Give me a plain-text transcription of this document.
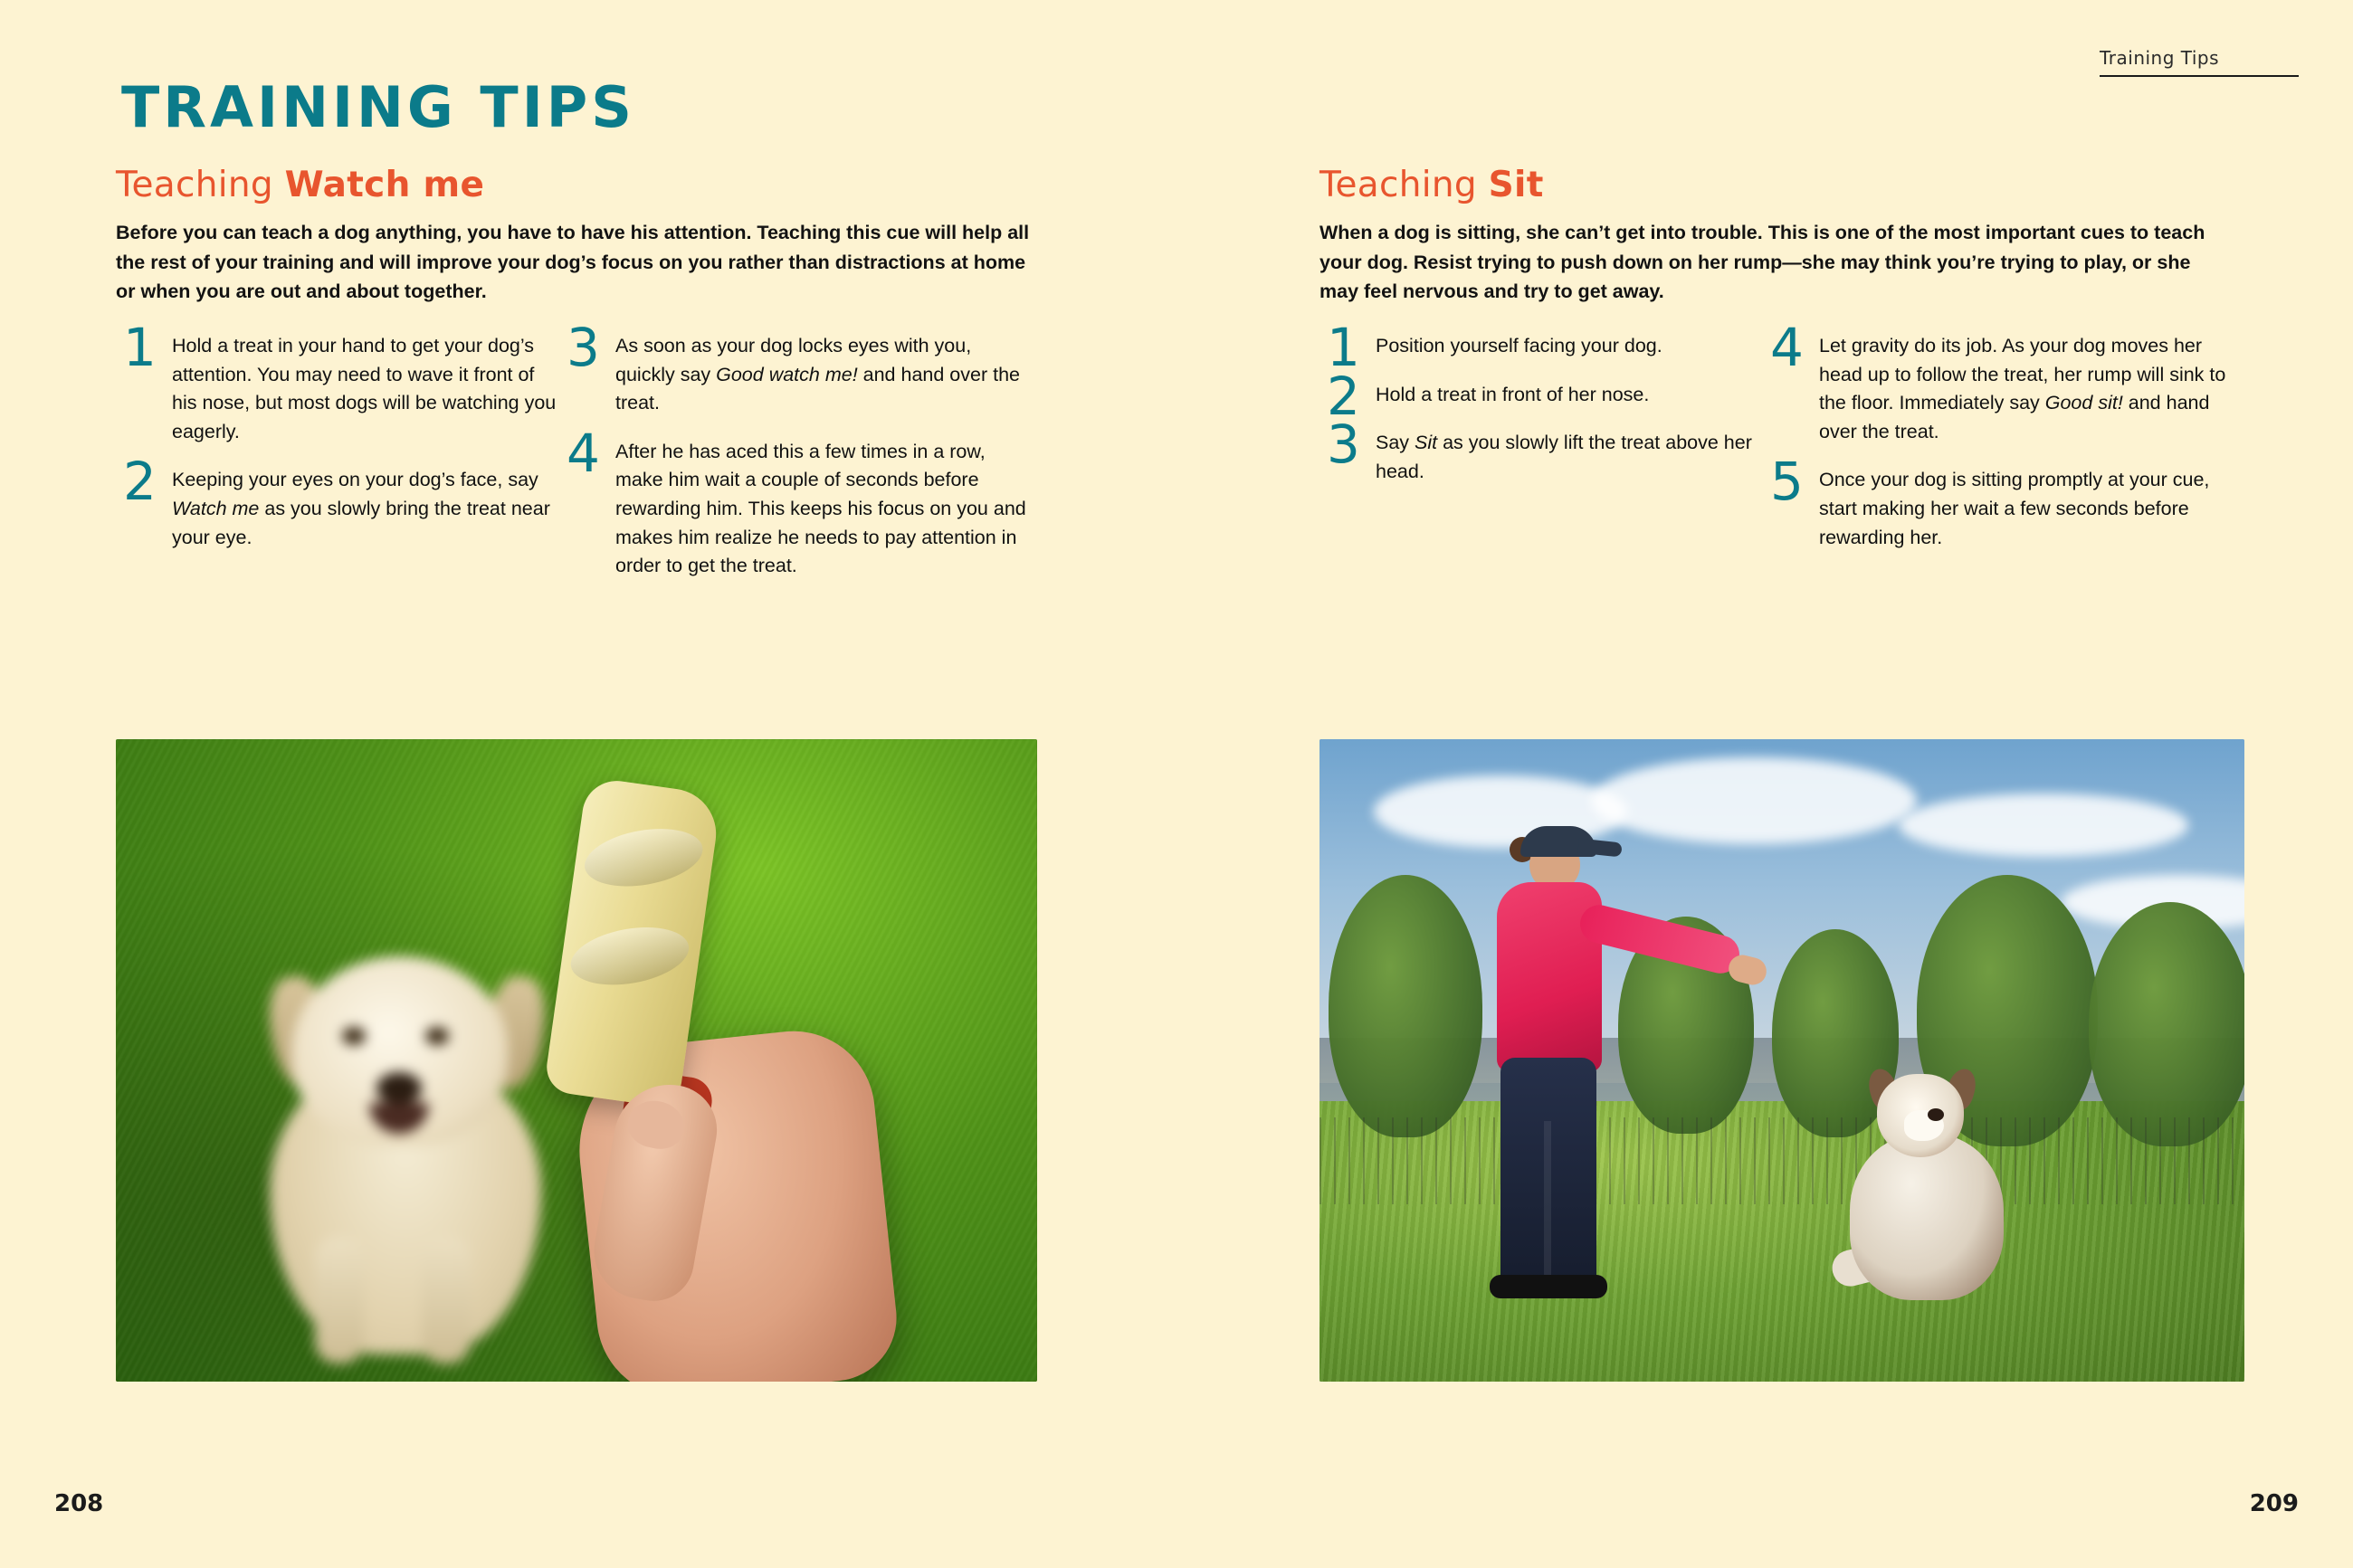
Training Tips
TRAINING TIPS
Teaching Watch me

Before you can teach a dog anything, you have to have his attention. Teaching this cue will help all the rest of your training and will improve your dog’s focus on you rather than distractions at home or when you are out and about together.

1 Hold a treat in your hand to get your dog’s attention. You may need to wave it front of his nose, but most dogs will be watching you eagerly.
2 Keeping your eyes on your dog’s face, say Watch me as you slowly bring the treat near your eye.
3 As soon as your dog locks eyes with you, quickly say Good watch me! and hand over the treat.
4 After he has aced this a few times in a row, make him wait a couple of seconds before rewarding him. This keeps his focus on you and makes him realize he needs to pay attention in order to get the treat.
Teaching Sit

When a dog is sitting, she can’t get into trouble. This is one of the most important cues to teach your dog. Resist trying to push down on her rump—she may think you’re trying to play, or she may feel nervous and try to get away.

1 Position yourself facing your dog.
2 Hold a treat in front of her nose.
3 Say Sit as you slowly lift the treat above her head.
4 Let gravity do its job. As your dog moves her head up to follow the treat, her rump will sink to the floor. Immediately say Good sit! and hand over the treat.
5 Once your dog is sitting promptly at your cue, start making her wait a few seconds before rewarding her.
208	209
